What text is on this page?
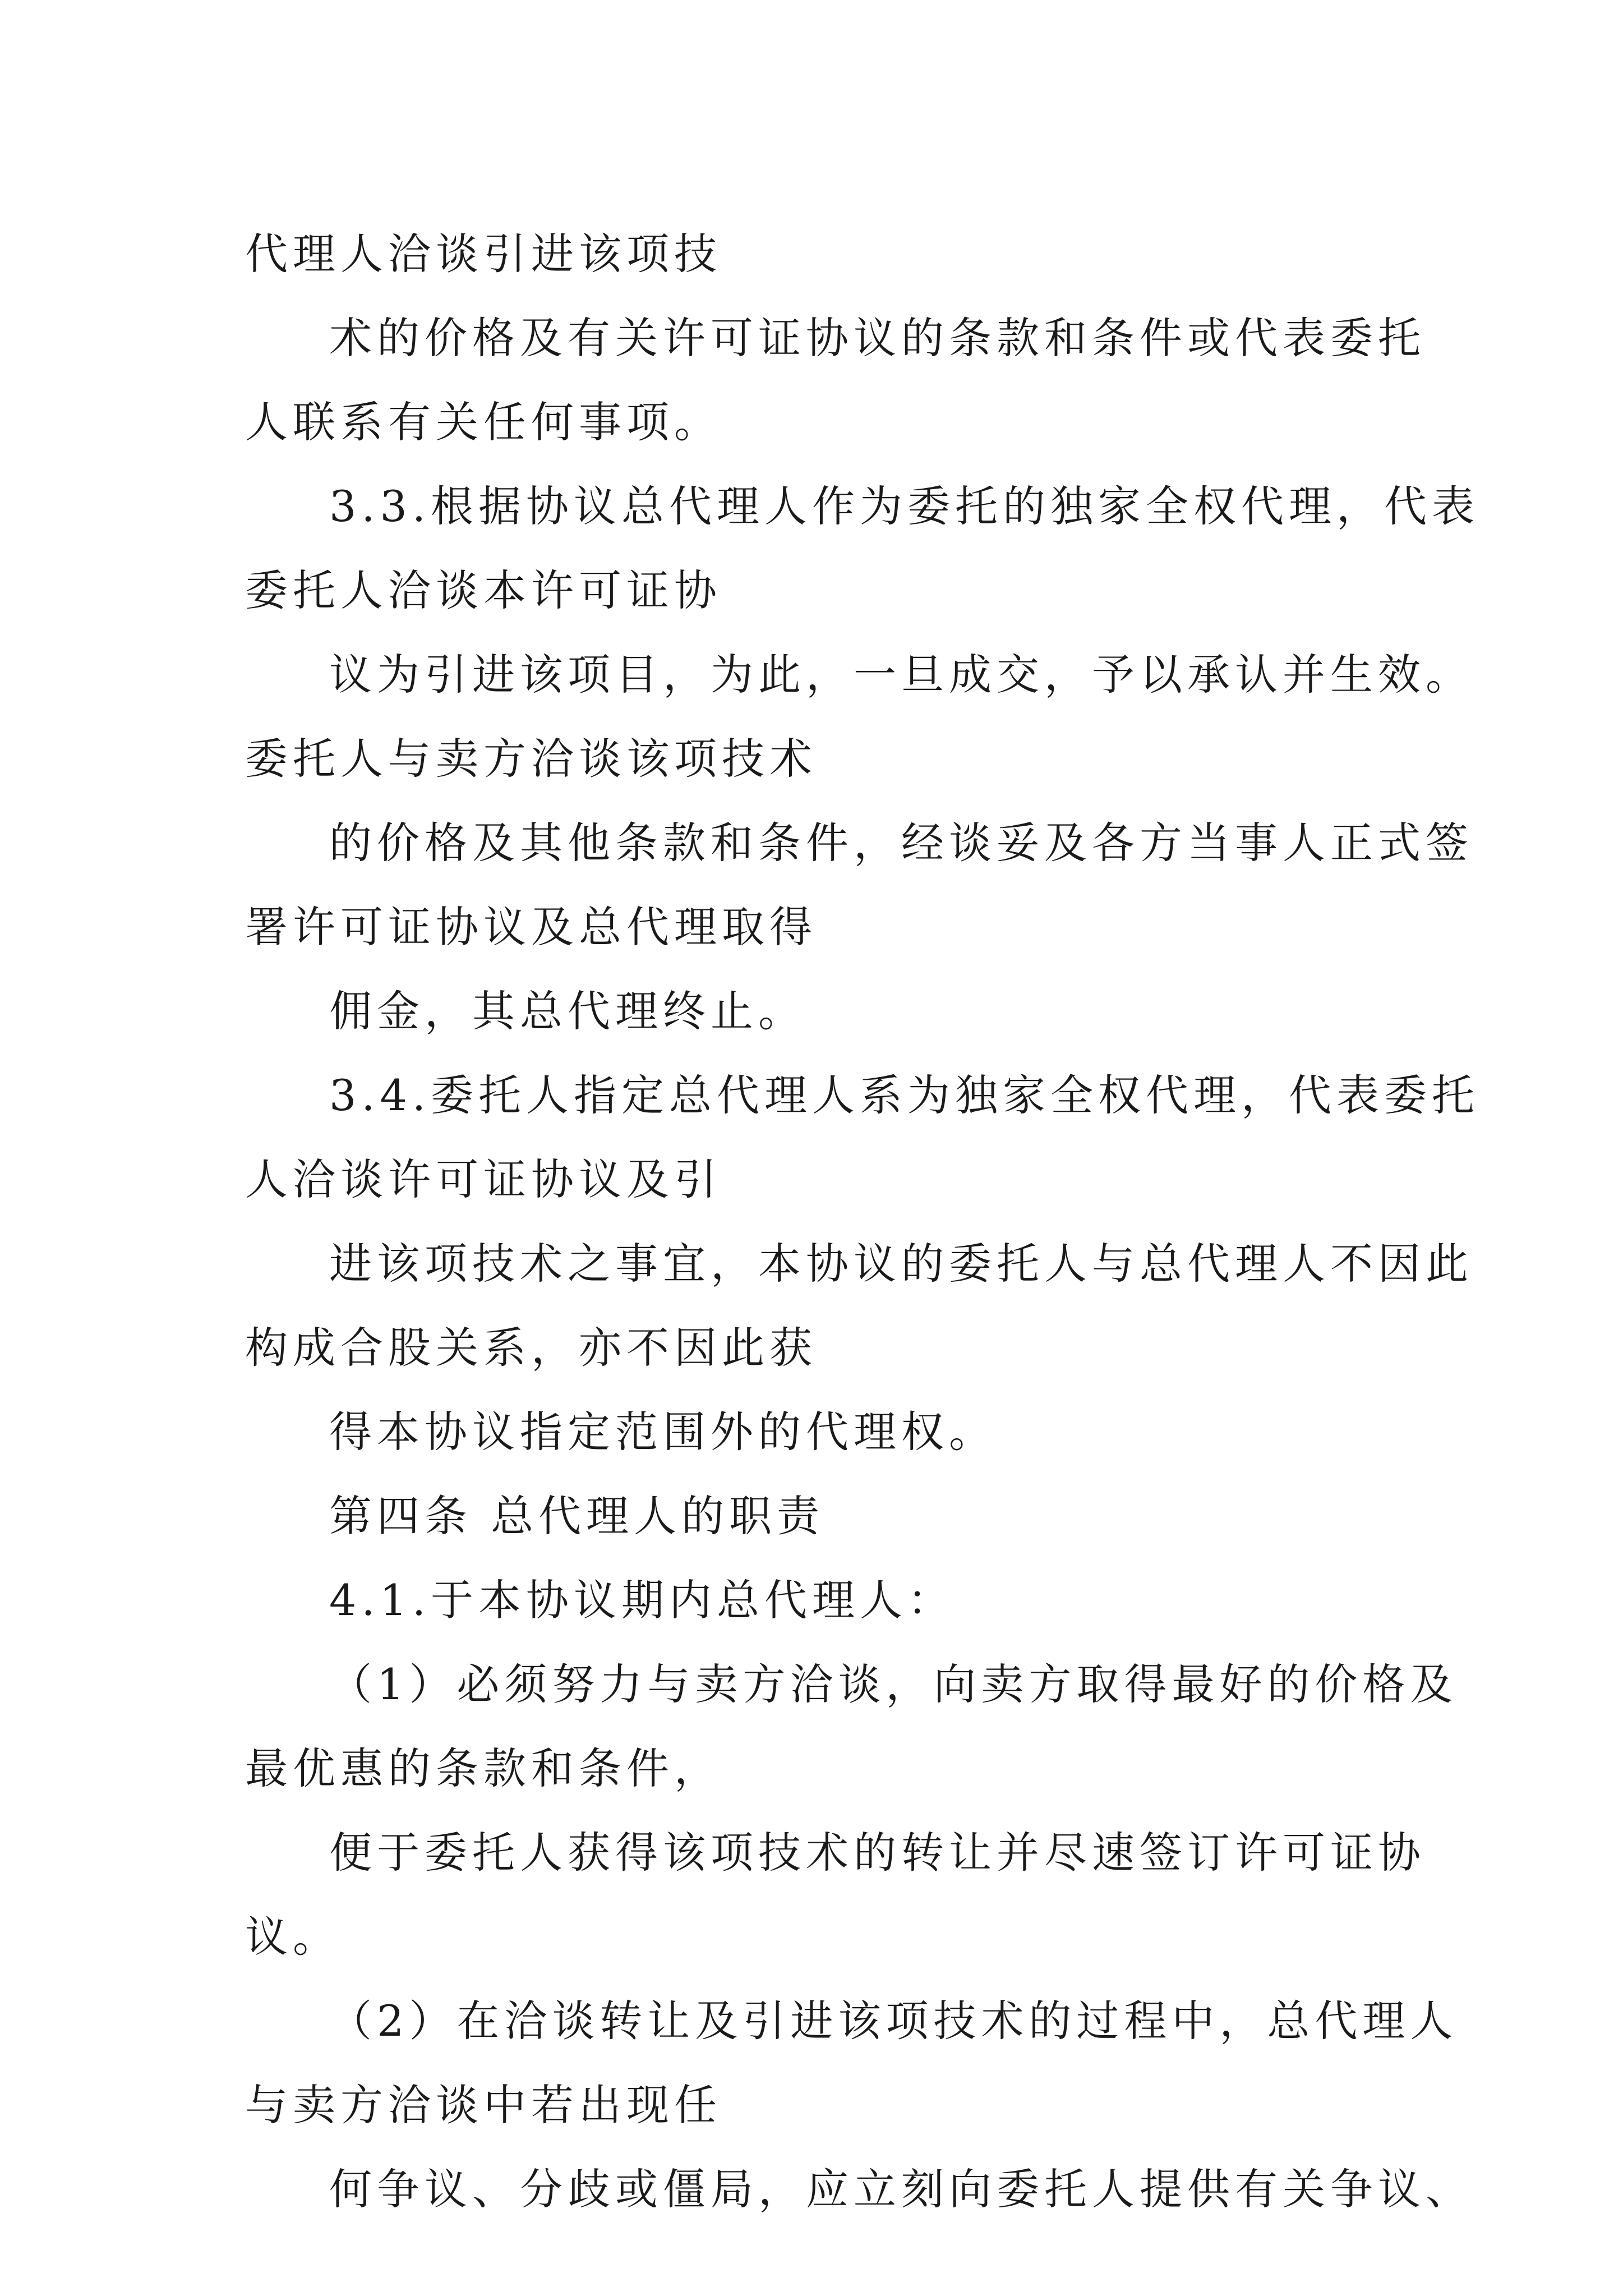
代理人洽谈引进该项技
术的价格及有关许可证协议的条款和条件或代表委托
人联系有关任何事项。
3.3.根据协议总代理人作为委托的独家全权代理，代表
委托人洽谈本许可证协
议为引进该项目，为此，一旦成交，予以承认并生效。
委托人与卖方洽谈该项技术
的价格及其他条款和条件，经谈妥及各方当事人正式签
署许可证协议及总代理取得
佣金，其总代理终止。
3.4.委托人指定总代理人系为独家全权代理，代表委托
人洽谈许可证协议及引
进该项技术之事宜，本协议的委托人与总代理人不因此
构成合股关系，亦不因此获
得本协议指定范围外的代理权。
第四条 总代理人的职责
4.1.于本协议期内总代理人：
（1）必须努力与卖方洽谈，向卖方取得最好的价格及
最优惠的条款和条件，
便于委托人获得该项技术的转让并尽速签订许可证协
议。
（2）在洽谈转让及引进该项技术的过程中，总代理人
与卖方洽谈中若出现任
何争议、分歧或僵局，应立刻向委托人提供有关争议、
